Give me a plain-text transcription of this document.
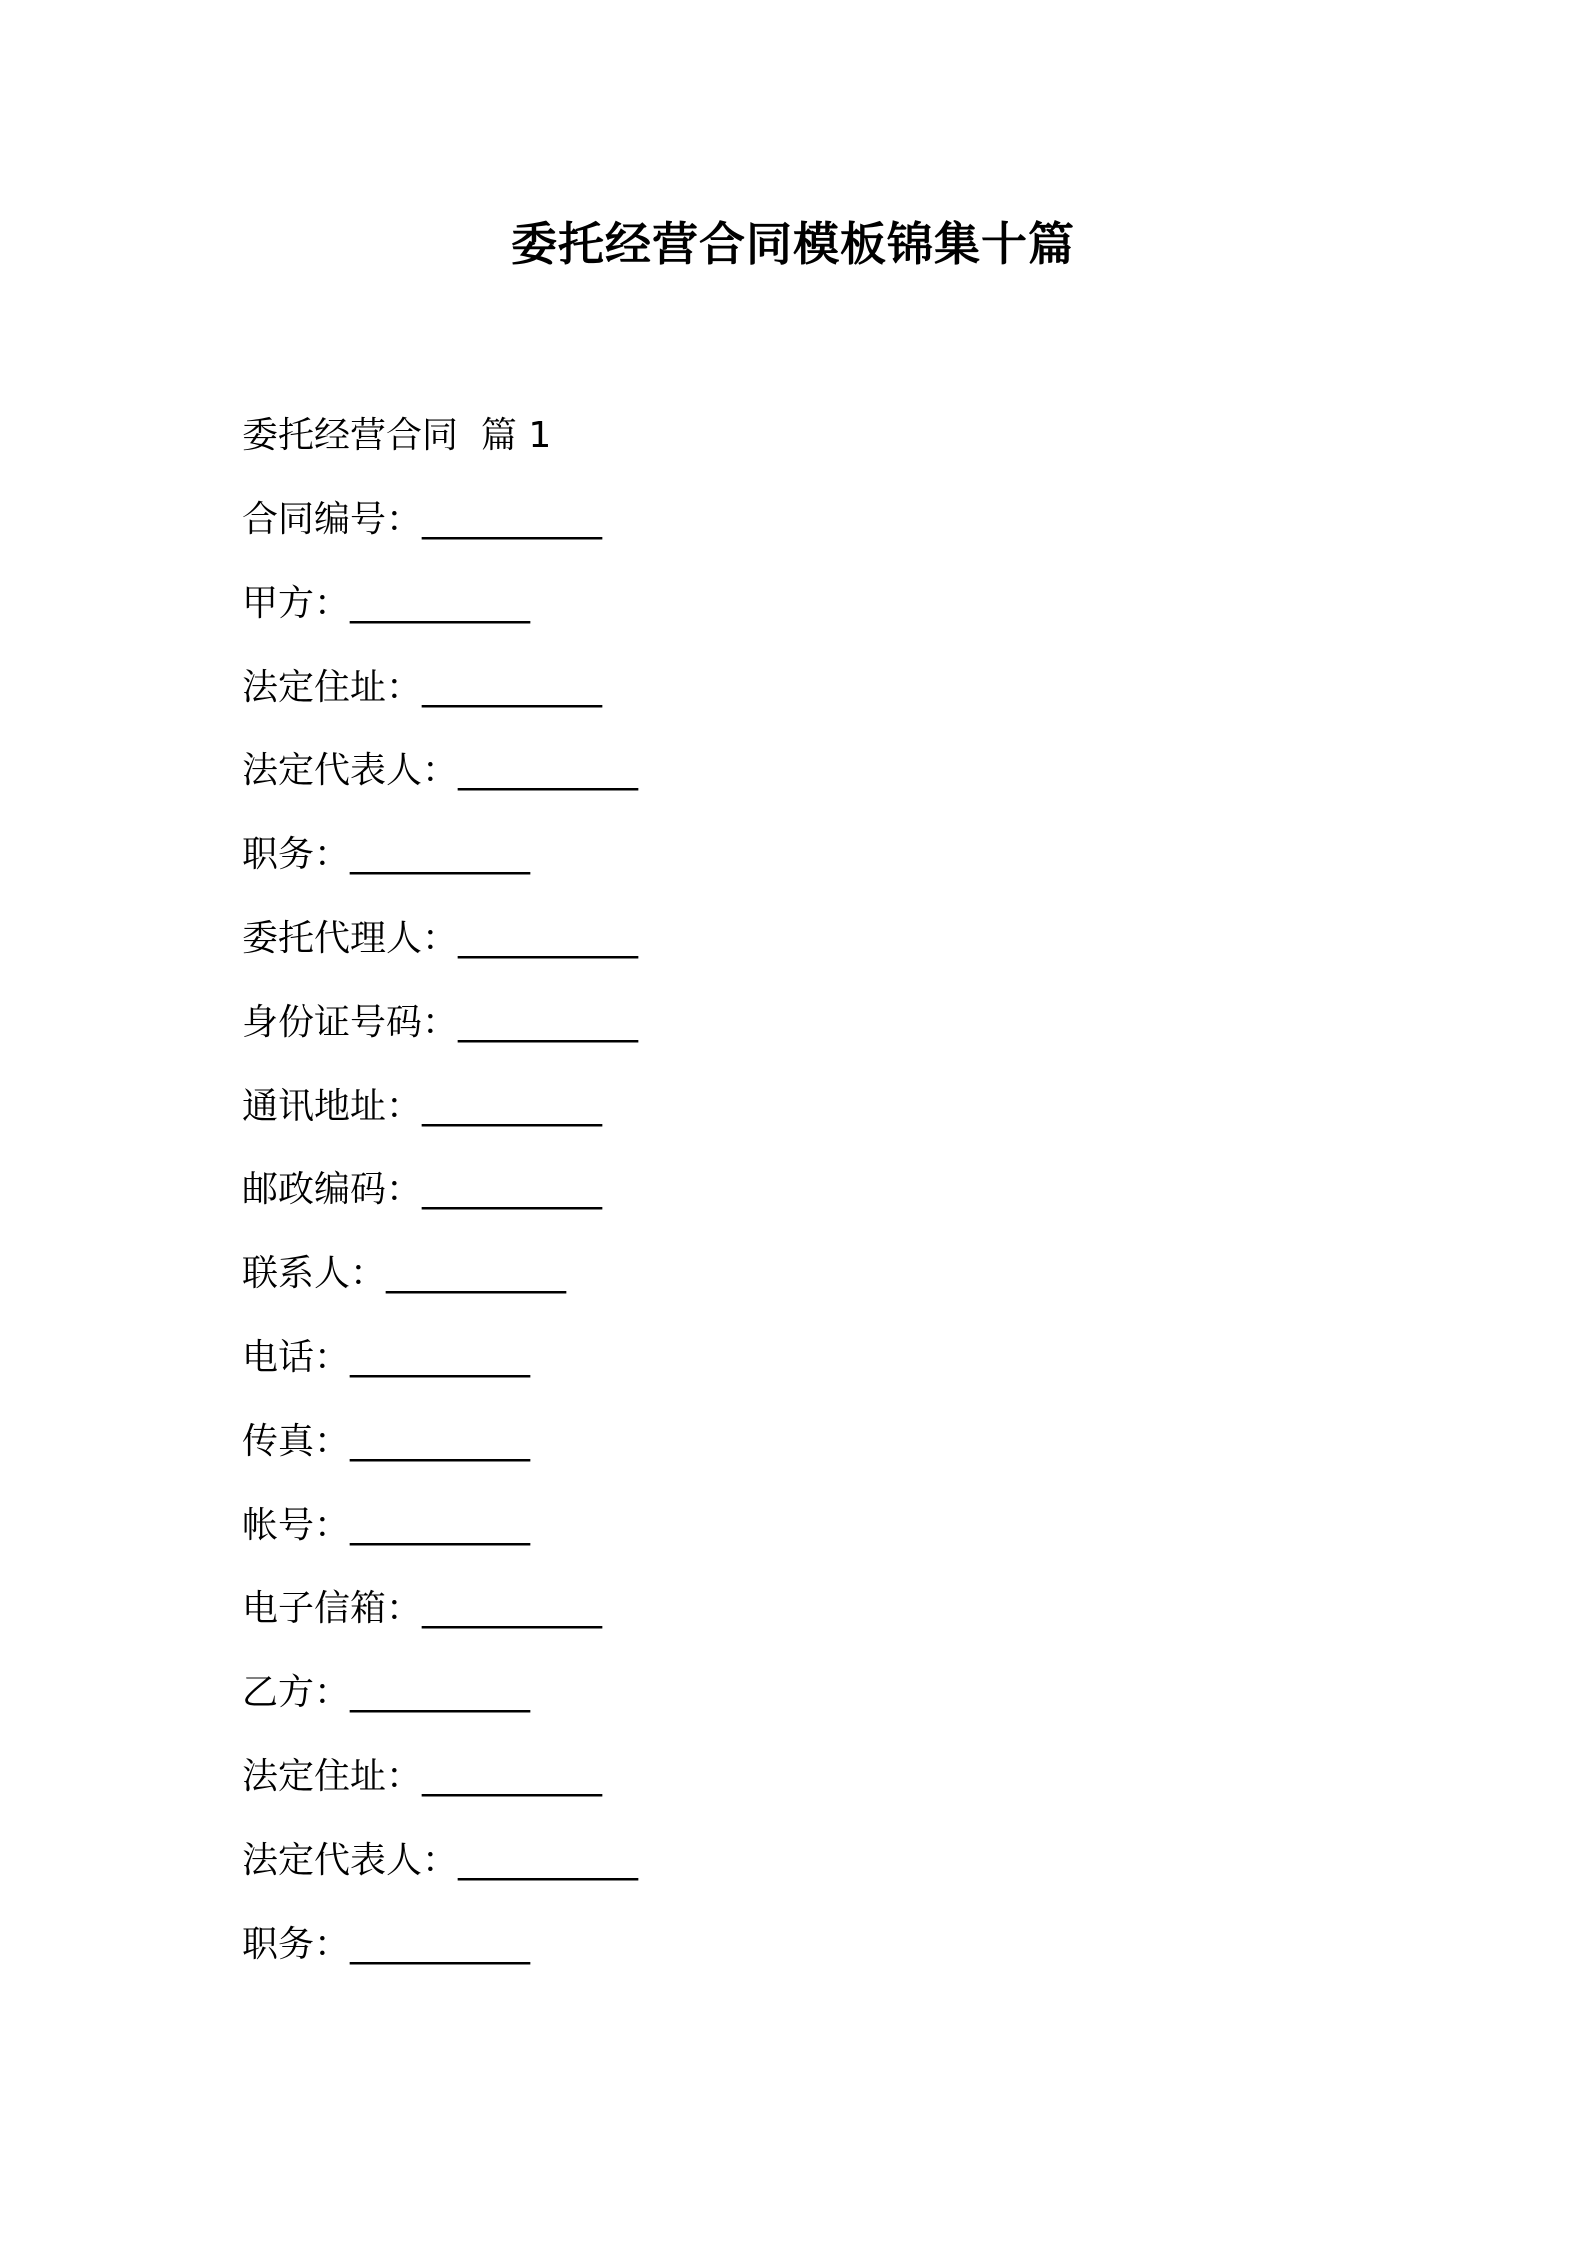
委托经营合同模板锦集十篇
委托经营合同  篇 1
合同编号：__________
甲方：__________
法定住址：__________
法定代表人：__________
职务：__________
委托代理人：__________
身份证号码：__________
通讯地址：__________
邮政编码：__________
联系人：__________
电话：__________
传真：__________
帐号：__________
电子信箱：__________
乙方：__________
法定住址：__________
法定代表人：__________
职务：__________
